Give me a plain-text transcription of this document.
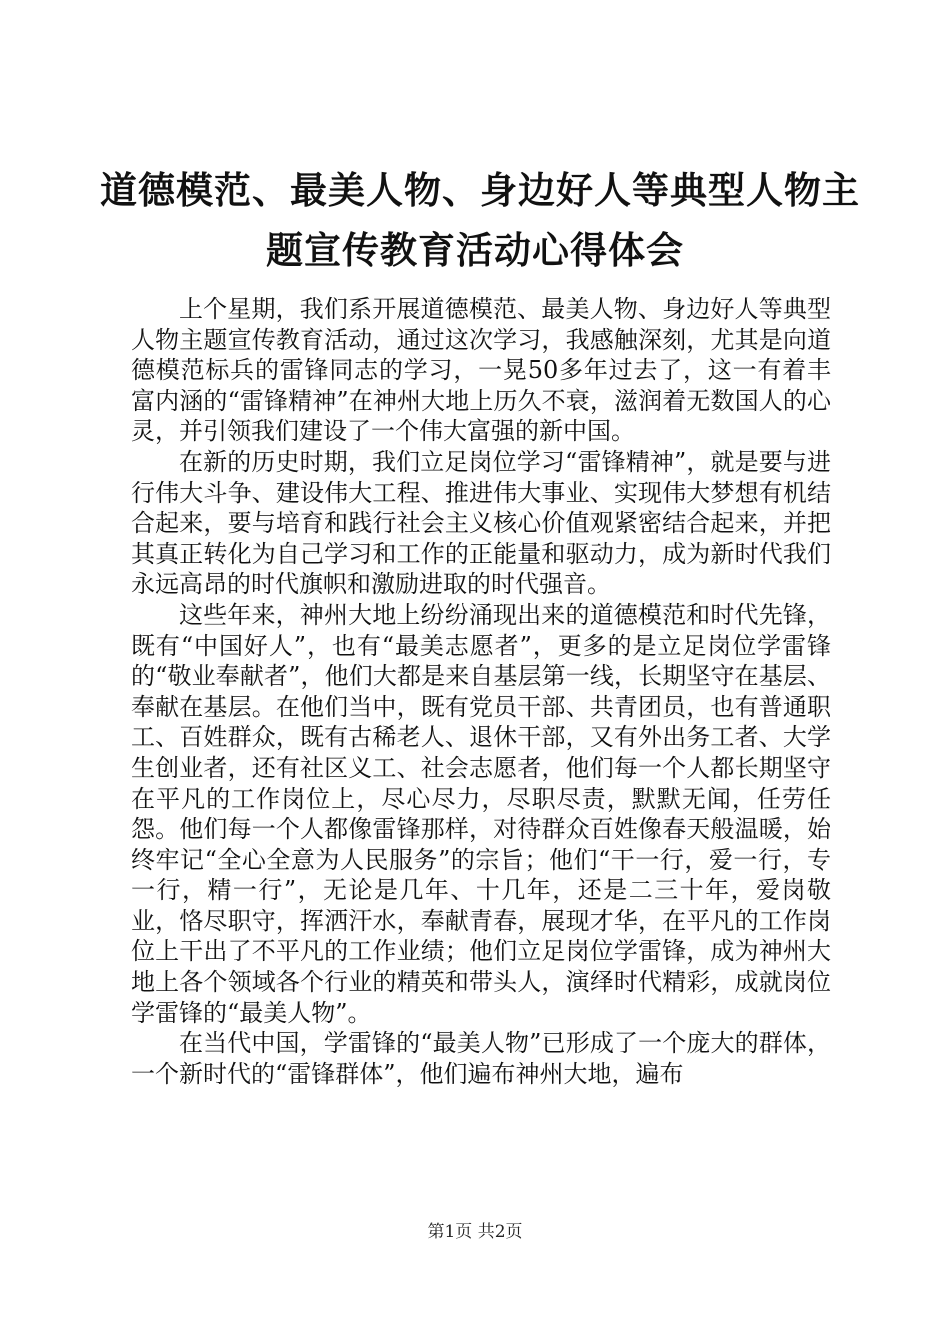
道德模范、最美人物、身边好人等典型人物主
题宣传教育活动心得体会

上个星期，我们系开展道德模范、最美人物、身边好人等典型人物主题宣传教育活动，通过这次学习，我感触深刻，尤其是向道德模范标兵的雷锋同志的学习，一晃50多年过去了，这一有着丰富内涵的“雷锋精神”在神州大地上历久不衰，滋润着无数国人的心灵，并引领我们建设了一个伟大富强的新中国。

在新的历史时期，我们立足岗位学习“雷锋精神”，就是要与进行伟大斗争、建设伟大工程、推进伟大事业、实现伟大梦想有机结合起来，要与培育和践行社会主义核心价值观紧密结合起来，并把其真正转化为自己学习和工作的正能量和驱动力，成为新时代我们永远高昂的时代旗帜和激励进取的时代强音。

这些年来，神州大地上纷纷涌现出来的道德模范和时代先锋，既有“中国好人”，也有“最美志愿者”，更多的是立足岗位学雷锋的“敬业奉献者”，他们大都是来自基层第一线，长期坚守在基层、奉献在基层。在他们当中，既有党员干部、共青团员，也有普通职工、百姓群众，既有古稀老人、退休干部，又有外出务工者、大学生创业者，还有社区义工、社会志愿者，他们每一个人都长期坚守在平凡的工作岗位上，尽心尽力，尽职尽责，默默无闻，任劳任怨。他们每一个人都像雷锋那样，对待群众百姓像春天般温暖，始终牢记“全心全意为人民服务”的宗旨；他们“干一行，爱一行，专一行，精一行”，无论是几年、十几年，还是二三十年，爱岗敬业，恪尽职守，挥洒汗水，奉献青春，展现才华，在平凡的工作岗位上干出了不平凡的工作业绩；他们立足岗位学雷锋，成为神州大地上各个领域各个行业的精英和带头人，演绎时代精彩，成就岗位学雷锋的“最美人物”。

在当代中国，学雷锋的“最美人物”已形成了一个庞大的群体，一个新时代的“雷锋群体”，他们遍布神州大地，遍布

第1页 共2页
